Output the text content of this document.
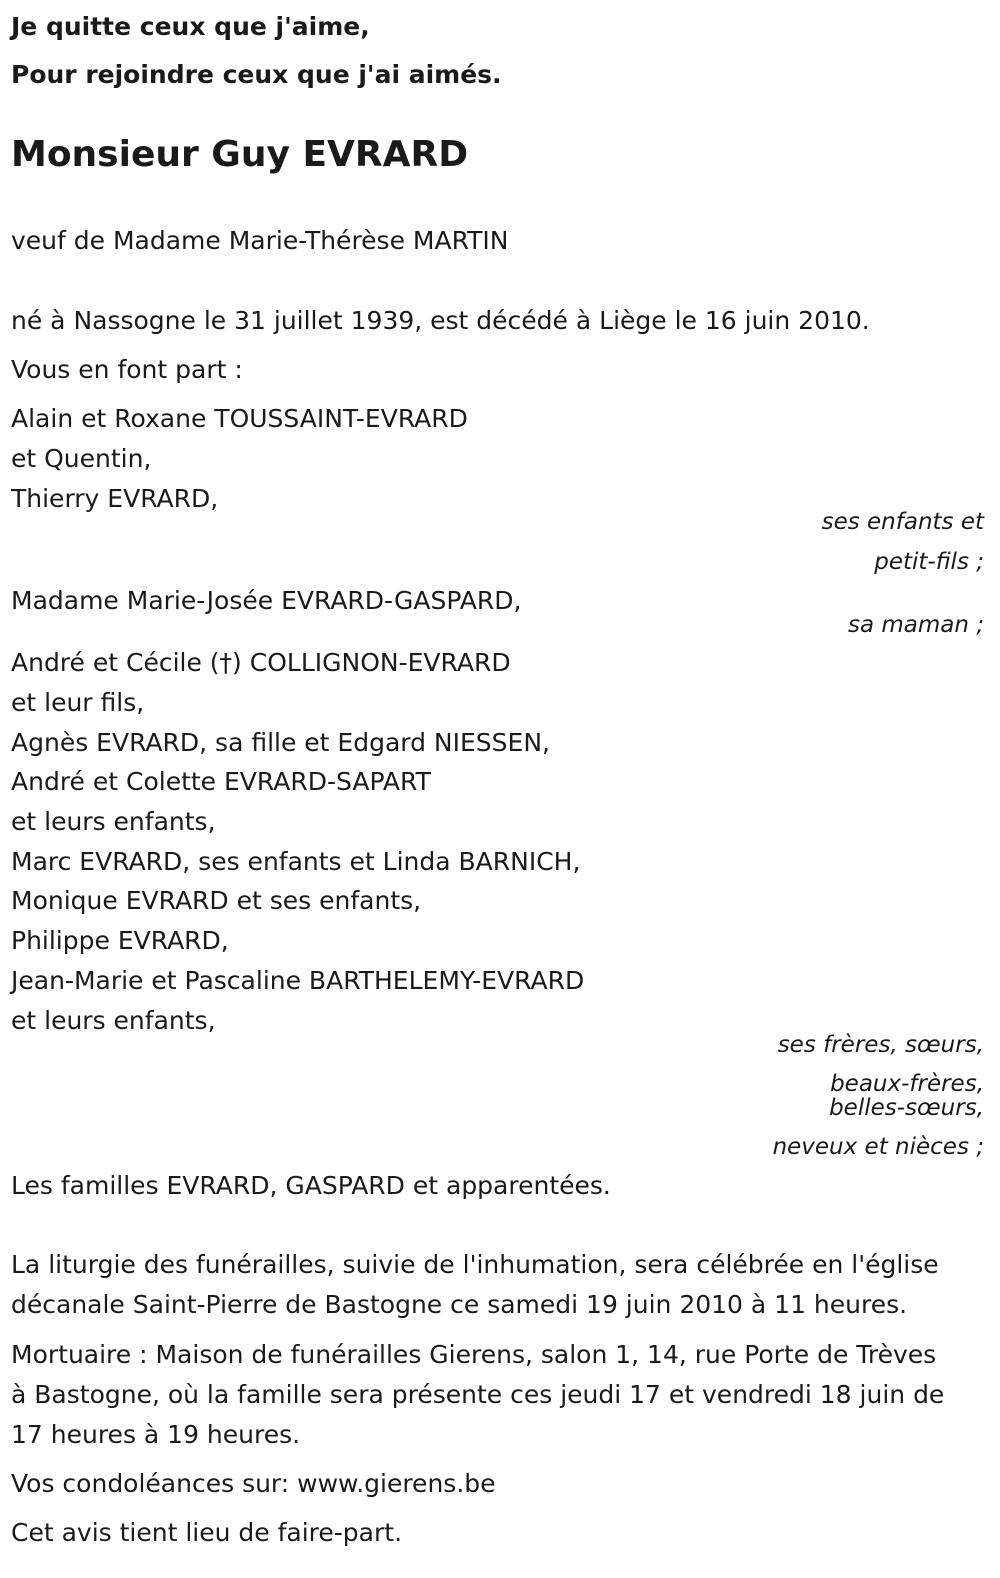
Je quitte ceux que j'aime,
Pour rejoindre ceux que j'ai aimés.
Monsieur Guy EVRARD
veuf de Madame Marie-Thérèse MARTIN
né à Nassogne le 31 juillet 1939, est décédé à Liège le 16 juin 2010.
Vous en font part :
Alain et Roxane TOUSSAINT-EVRARD
et Quentin,
Thierry EVRARD,
ses enfants et
petit-fils ;
Madame Marie-Josée EVRARD-GASPARD,
sa maman ;
André et Cécile (†) COLLIGNON-EVRARD
et leur fils,
Agnès EVRARD, sa fille et Edgard NIESSEN,
André et Colette EVRARD-SAPART
et leurs enfants,
Marc EVRARD, ses enfants et Linda BARNICH,
Monique EVRARD et ses enfants,
Philippe EVRARD,
Jean-Marie et Pascaline BARTHELEMY-EVRARD
et leurs enfants,
ses frères, sœurs,
beaux-frères,
belles-sœurs,
neveux et nièces ;
Les familles EVRARD, GASPARD et apparentées.
La liturgie des funérailles, suivie de l'inhumation, sera célébrée en l'église
décanale Saint-Pierre de Bastogne ce samedi 19 juin 2010 à 11 heures.
Mortuaire : Maison de funérailles Gierens, salon 1, 14, rue Porte de Trèves
à Bastogne, où la famille sera présente ces jeudi 17 et vendredi 18 juin de
17 heures à 19 heures.
Vos condoléances sur: www.gierens.be
Cet avis tient lieu de faire-part.
